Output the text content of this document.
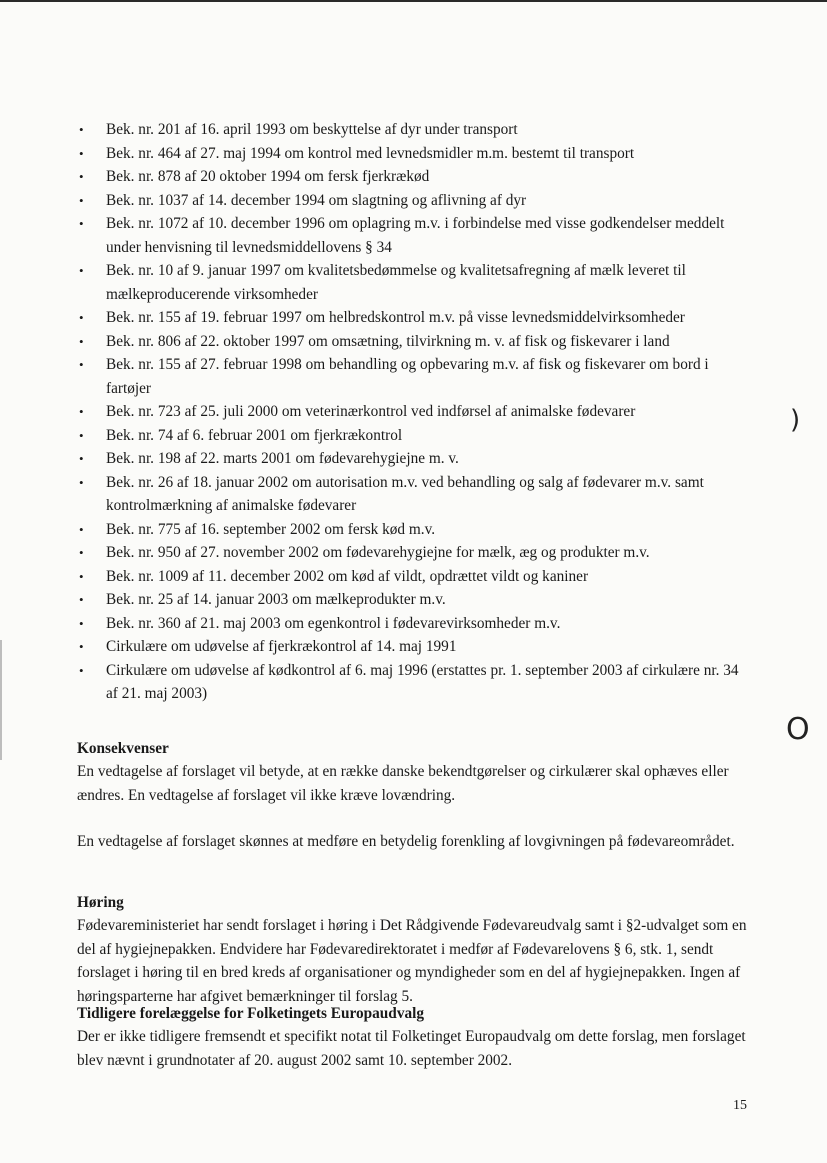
• Bek. nr. 201 af 16. april 1993 om beskyttelse af dyr under transport
• Bek. nr. 464 af 27. maj 1994 om kontrol med levnedsmidler m.m. bestemt til transport
• Bek. nr. 878 af 20 oktober 1994 om fersk fjerkrækød
• Bek. nr. 1037 af 14. december 1994 om slagtning og aflivning af dyr
• Bek. nr. 1072 af 10. december 1996 om oplagring m.v. i forbindelse med visse godkendelser meddelt under henvisning til levnedsmiddellovens § 34
• Bek. nr. 10 af 9. januar 1997 om kvalitetsbedømmelse og kvalitetsafregning af mælk leveret til mælkeproducerende virksomheder
• Bek. nr. 155 af 19. februar 1997 om helbredskontrol m.v. på visse levnedsmiddelvirksomheder
• Bek. nr. 806 af 22. oktober 1997 om omsætning, tilvirkning m. v. af fisk og fiskevarer i land
• Bek. nr. 155 af 27. februar 1998 om behandling og opbevaring m.v. af fisk og fiskevarer om bord i fartøjer
• Bek. nr. 723 af 25. juli 2000 om veterinærkontrol ved indførsel af animalske fødevarer
• Bek. nr. 74 af 6. februar 2001 om fjerkrækontrol
• Bek. nr. 198 af 22. marts 2001 om fødevarehygiejne m. v.
• Bek. nr. 26 af 18. januar 2002 om autorisation m.v. ved behandling og salg af fødevarer m.v. samt kontrolmærkning af animalske fødevarer
• Bek. nr. 775 af 16. september 2002 om fersk kød m.v.
• Bek. nr. 950 af 27. november 2002 om fødevarehygiejne for mælk, æg og produkter m.v.
• Bek. nr. 1009 af 11. december 2002 om kød af vildt, opdrættet vildt og kaniner
• Bek. nr. 25 af 14. januar 2003 om mælkeprodukter m.v.
• Bek. nr. 360 af 21. maj 2003 om egenkontrol i fødevarevirksomheder m.v.
• Cirkulære om udøvelse af fjerkrækontrol af 14. maj 1991
• Cirkulære om udøvelse af kødkontrol af 6. maj 1996 (erstattes pr. 1. september 2003 af cirkulære nr. 34 af 21. maj 2003)
Konsekvenser

En vedtagelse af forslaget vil betyde, at en række danske bekendtgørelser og cirkulærer skal ophæves eller ændres. En vedtagelse af forslaget vil ikke kræve lovændring.

En vedtagelse af forslaget skønnes at medføre en betydelig forenkling af lovgivningen på fødevareområdet.

Høring

Fødevareministeriet har sendt forslaget i høring i Det Rådgivende Fødevareudvalg samt i §2-udvalget som en del af hygiejnepakken. Endvidere har Fødevaredirektoratet i medfør af Fødevarelovens § 6, stk. 1, sendt forslaget i høring til en bred kreds af organisationer og myndigheder som en del af hygiejnepakken. Ingen af høringsparterne har afgivet bemærkninger til forslag 5.

Tidligere forelæggelse for Folketingets Europaudvalg

Der er ikke tidligere fremsendt et specifikt notat til Folketinget Europaudvalg om dette forslag, men forslaget blev nævnt i grundnotater af 20. august 2002 samt 10. september 2002.

15
)
O
